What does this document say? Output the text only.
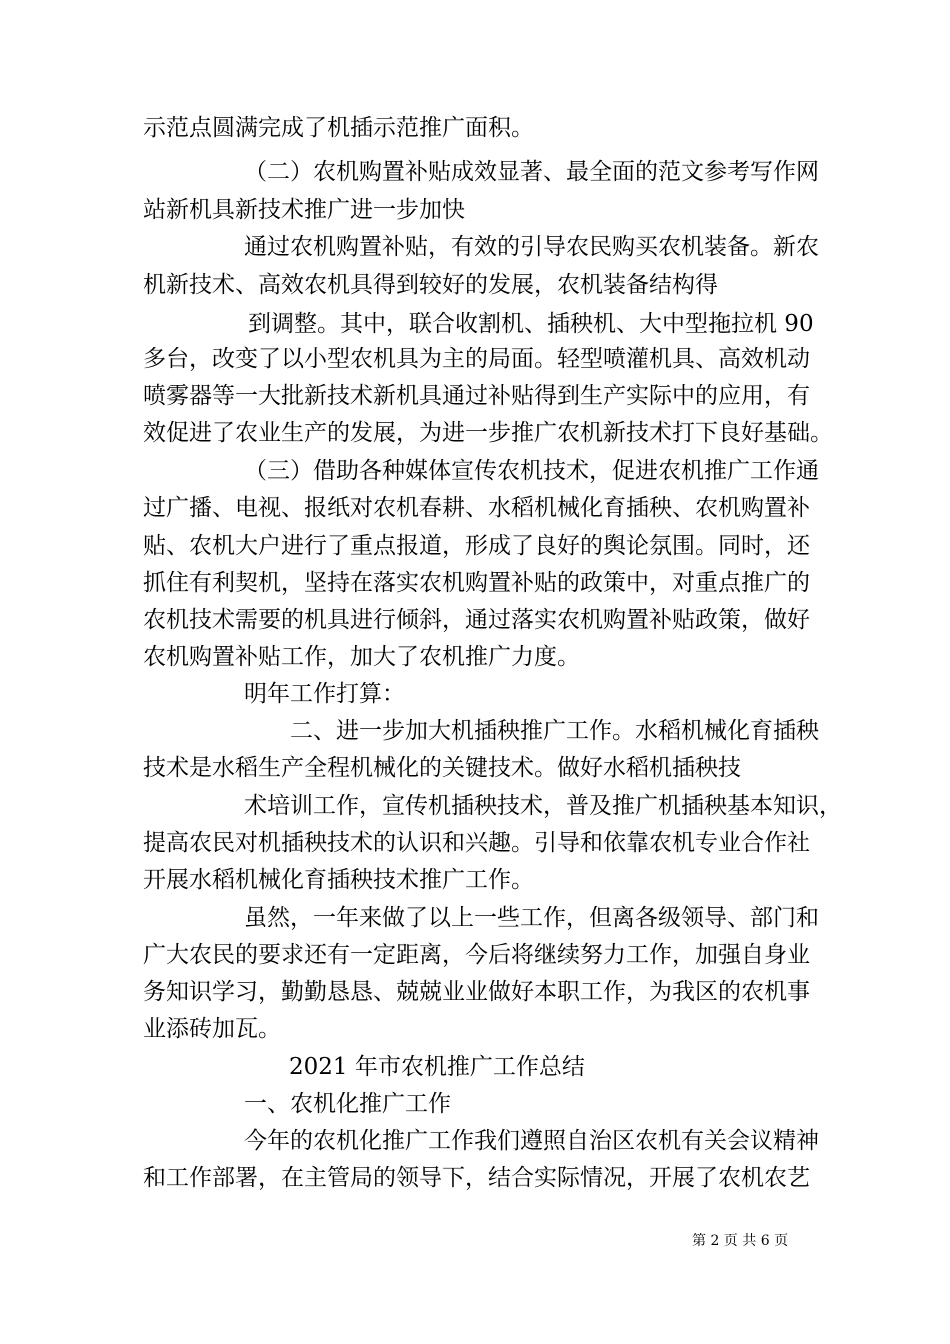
示范点圆满完成了机插示范推广面积。
（二）农机购置补贴成效显著、最全面的范文参考写作网
站新机具新技术推广进一步加快
通过农机购置补贴，有效的引导农民购买农机装备。新农
机新技术、高效农机具得到较好的发展，农机装备结构得
到调整。其中，联合收割机、插秧机、大中型拖拉机 90
多台，改变了以小型农机具为主的局面。轻型喷灌机具、高效机动
喷雾器等一大批新技术新机具通过补贴得到生产实际中的应用，有
效促进了农业生产的发展，为进一步推广农机新技术打下良好基础。
（三）借助各种媒体宣传农机技术，促进农机推广工作通
过广播、电视、报纸对农机春耕、水稻机械化育插秧、农机购置补
贴、农机大户进行了重点报道，形成了良好的舆论氛围。同时，还
抓住有利契机，坚持在落实农机购置补贴的政策中，对重点推广的
农机技术需要的机具进行倾斜，通过落实农机购置补贴政策，做好
农机购置补贴工作，加大了农机推广力度。
明年工作打算：
二、进一步加大机插秧推广工作。水稻机械化育插秧
技术是水稻生产全程机械化的关键技术。做好水稻机插秧技
术培训工作，宣传机插秧技术，普及推广机插秧基本知识，
提高农民对机插秧技术的认识和兴趣。引导和依靠农机专业合作社
开展水稻机械化育插秧技术推广工作。
虽然，一年来做了以上一些工作，但离各级领导、部门和
广大农民的要求还有一定距离，今后将继续努力工作，加强自身业
务知识学习，勤勤恳恳、兢兢业业做好本职工作，为我区的农机事
业添砖加瓦。
2021 年市农机推广工作总结
一、农机化推广工作
今年的农机化推广工作我们遵照自治区农机有关会议精神
和工作部署，在主管局的领导下，结合实际情况，开展了农机农艺
第 2 页 共 6 页
